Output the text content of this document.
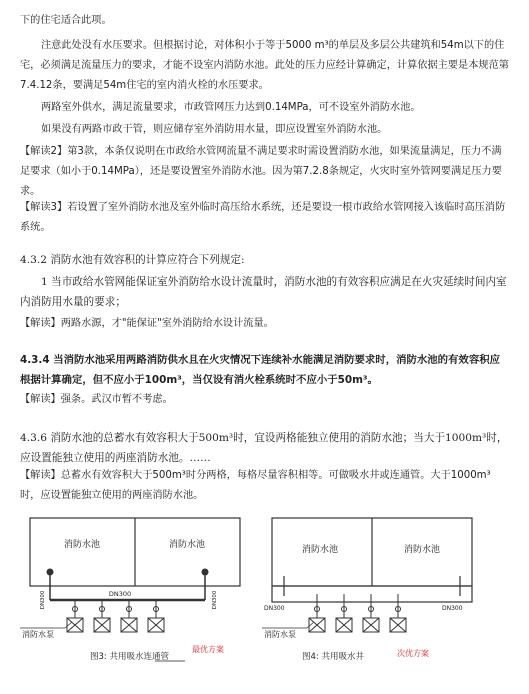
下的住宅适合此项。

注意此处没有水压要求。但根据讨论，对体积小于等于5000 m³的单层及多层公共建筑和54m以下的住宅，必须满足流量压力的要求，才能不设室内消防水池。此处的压力应经计算确定，计算依据主要是本规范第7.4.12条，要满足54m住宅的室内消火栓的水压要求。

两路室外供水，满足流量要求，市政管网压力达到0.14MPa，可不设室外消防水池。

如果没有两路市政干管，则应储存室外消防用水量，即应设置室外消防水池。

【解读2】第3款，本条仅说明在市政给水管网流量不满足要求时需设置消防水池，如果流量满足，压力不满足要求（如小于0.14MPa），还是要设置室外消防水池。因为第7.2.8条规定，火灾时室外管网要满足压力要求。

【解读3】若设置了室外消防水池及室外临时高压给水系统，还是要设一根市政给水管网接入该临时高压消防系统。

4.3.2 消防水池有效容积的计算应符合下列规定:

1 当市政给水管网能保证室外消防给水设计流量时，消防水池的有效容积应满足在火灾延续时间内室内消防用水量的要求；

【解读】两路水源，才"能保证"室外消防给水设计流量。

4.3.4 当消防水池采用两路消防供水且在火灾情况下连续补水能满足消防要求时，消防水池的有效容积应根据计算确定，但不应小于100m³，当仅设有消火栓系统时不应小于50m³。

【解读】强条。武汉市暂不考虑。

4.3.6 消防水池的总蓄水有效容积大于500m³时，宜设两格能独立使用的消防水池；当大于1000m³时，应设置能独立使用的两座消防水池。……

【解读】总蓄水有效容积大于500m³时分两格，每格尽量容积相等。可做吸水井或连通管。大于1000m³时，应设置能独立使用的两座消防水池。

消防水池	消防水池
DN300
DN300	DN300
消防水泵
图3: 共用吸水连通管
最优方案
消防水池	消防水池
DN300	DN300
消防水泵
图4: 共用吸水井	次优方案
